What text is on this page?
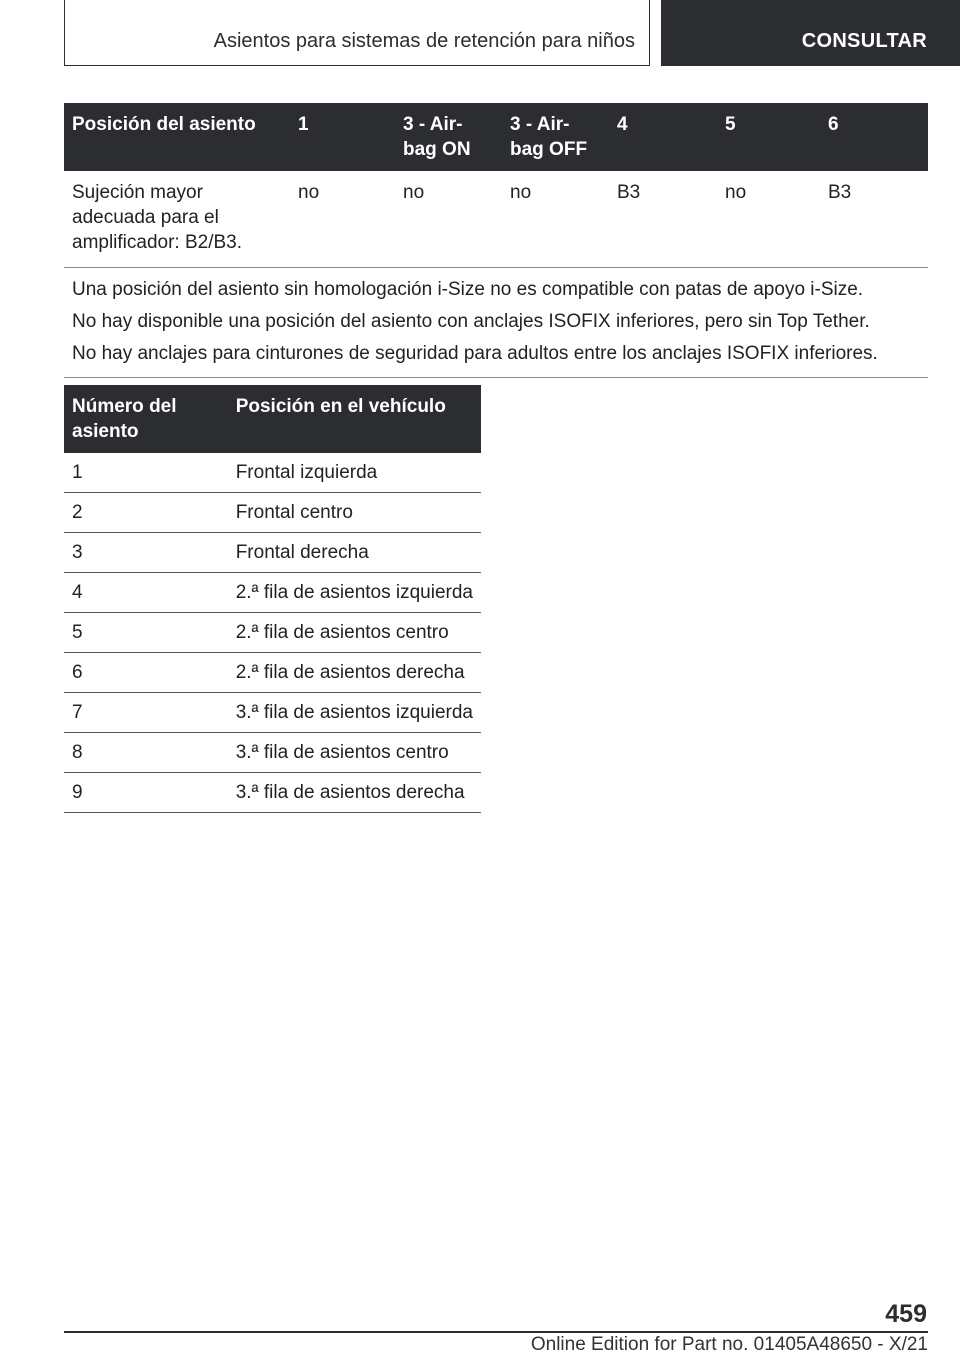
Asientos para sistemas de retención para niños	CONSULTAR
Posición del asiento	1	3 - Air-bag ON	3 - Air-bag OFF	4	5	6
Sujeción mayor adecuada para el amplificador: B2/B3.	no	no	no	B3	no	B3

Una posición del asiento sin homologación i-Size no es compatible con patas de apoyo i-Size.
No hay disponible una posición del asiento con anclajes ISOFIX inferiores, pero sin Top Tether.
No hay anclajes para cinturones de seguridad para adultos entre los anclajes ISOFIX inferiores.						
Número del asiento	Posición en el vehículo
1	Frontal izquierda
2	Frontal centro
3	Frontal derecha
4	2.ª fila de asientos izquierda
5	2.ª fila de asientos centro
6	2.ª fila de asientos derecha
7	3.ª fila de asientos izquierda
8	3.ª fila de asientos centro
9	3.ª fila de asientos derecha
459
Online Edition for Part no. 01405A48650 - X/21
